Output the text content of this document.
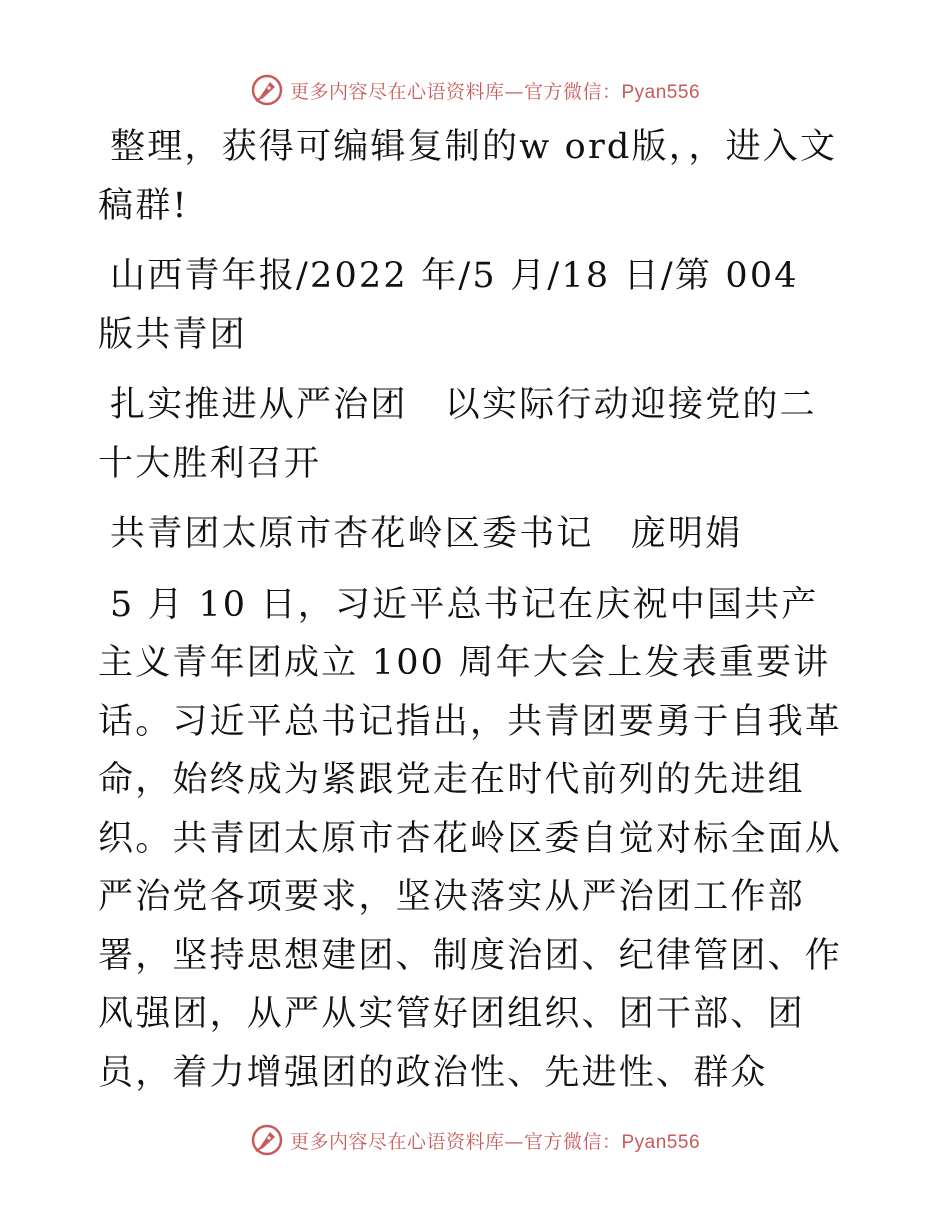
更多内容尽在心语资料库—官方微信：Pyan556

整理，获得可编辑复制的w ord版，，进入文稿群!

山西青年报/2022 年/5 月/18 日/第 004 版共青团

扎实推进从严治团　以实际行动迎接党的二十大胜利召开

共青团太原市杏花岭区委书记　庞明娟

5 月 10 日，习近平总书记在庆祝中国共产主义青年团成立 100 周年大会上发表重要讲话。习近平总书记指出，共青团要勇于自我革命，始终成为紧跟党走在时代前列的先进组织。共青团太原市杏花岭区委自觉对标全面从严治党各项要求，坚决落实从严治团工作部署，坚持思想建团、制度治团、纪律管团、作风强团，从严从实管好团组织、团干部、团员，着力增强团的政治性、先进性、群众

更多内容尽在心语资料库—官方微信：Pyan556
